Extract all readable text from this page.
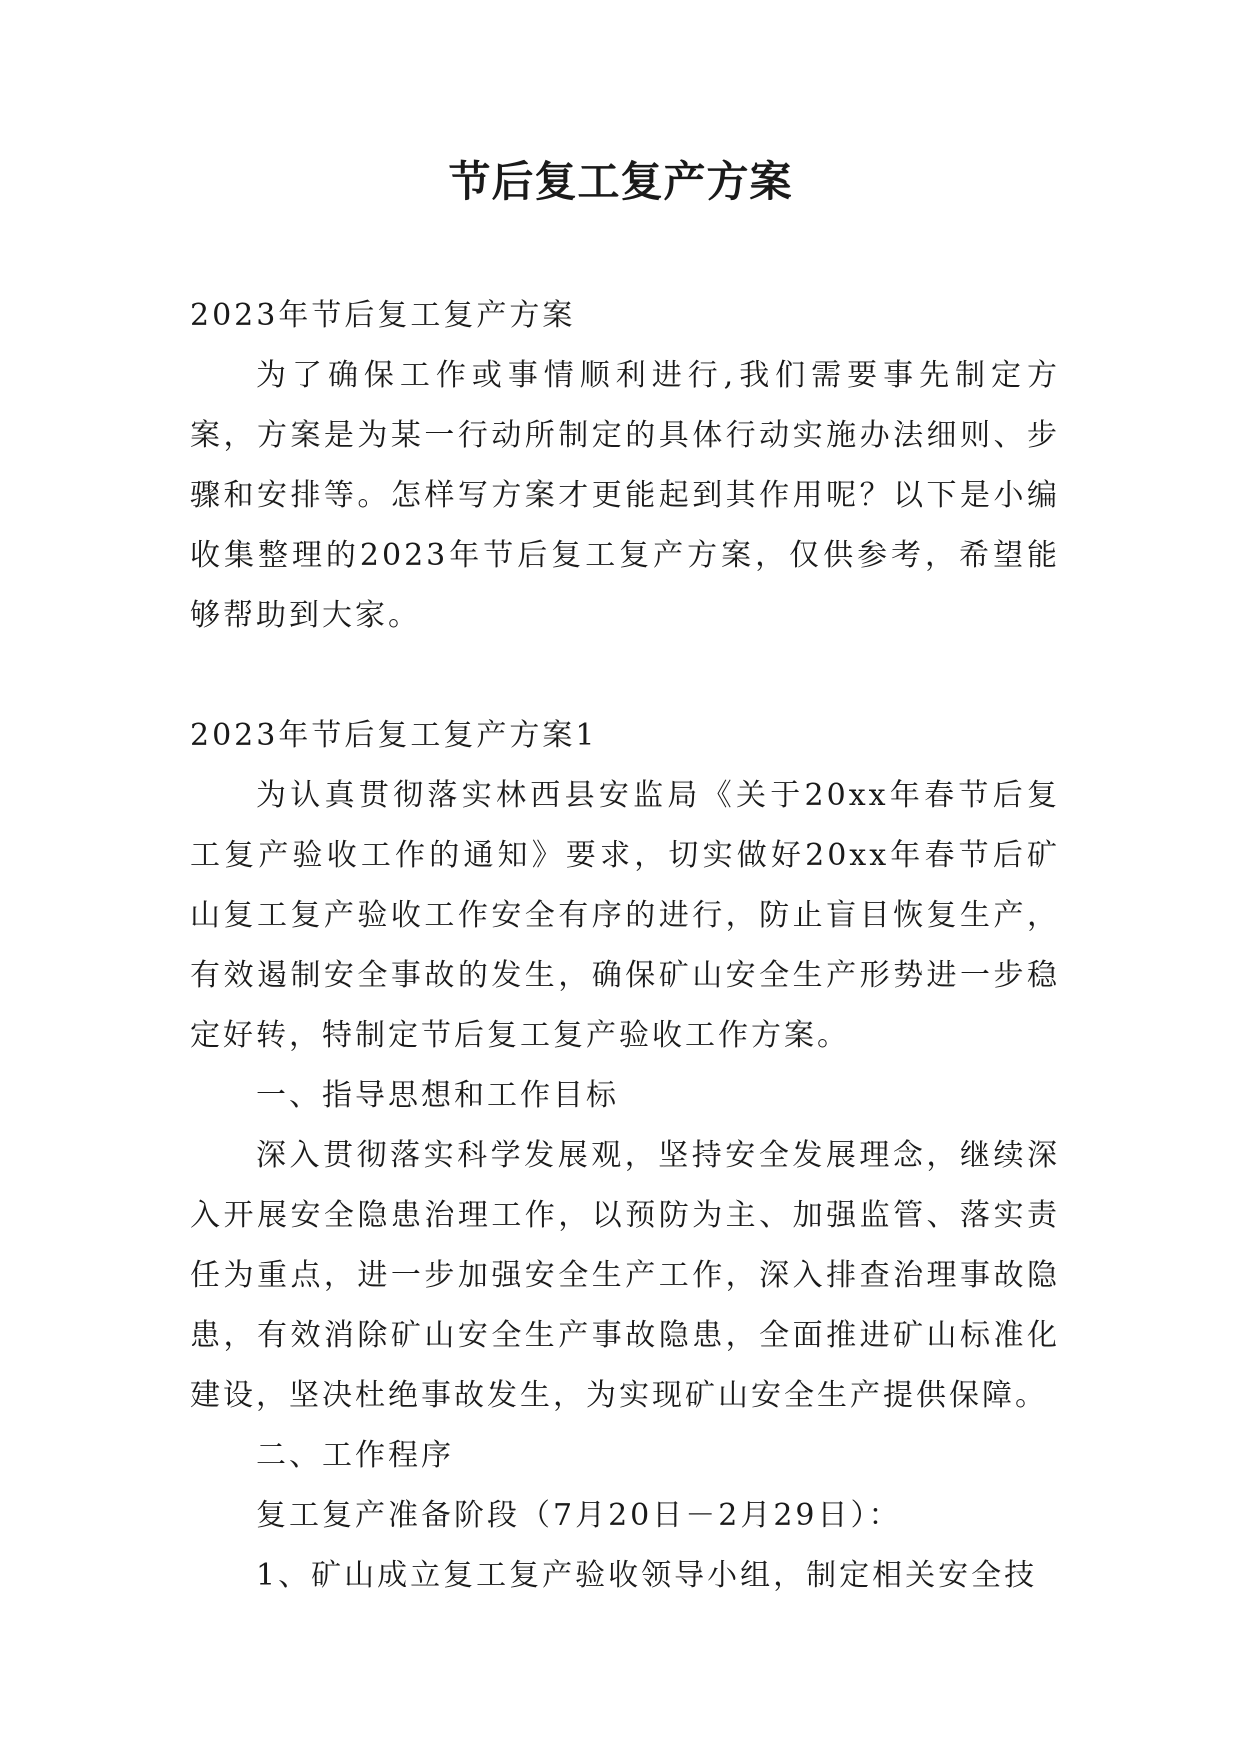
节后复工复产方案

2023年节后复工复产方案

为了确保工作或事情顺利进行,我们需要事先制定方案，方案是为某一行动所制定的具体行动实施办法细则、步骤和安排等。怎样写方案才更能起到其作用呢？以下是小编收集整理的2023年节后复工复产方案，仅供参考，希望能够帮助到大家。

2023年节后复工复产方案1

为认真贯彻落实林西县安监局《关于20xx年春节后复工复产验收工作的通知》要求，切实做好20xx年春节后矿山复工复产验收工作安全有序的进行，防止盲目恢复生产，有效遏制安全事故的发生，确保矿山安全生产形势进一步稳定好转，特制定节后复工复产验收工作方案。

一、指导思想和工作目标

深入贯彻落实科学发展观，坚持安全发展理念，继续深入开展安全隐患治理工作，以预防为主、加强监管、落实责任为重点，进一步加强安全生产工作，深入排查治理事故隐患，有效消除矿山安全生产事故隐患，全面推进矿山标准化建设，坚决杜绝事故发生，为实现矿山安全生产提供保障。

二、工作程序

复工复产准备阶段（7月20日－2月29日）：

1、矿山成立复工复产验收领导小组，制定相关安全技
